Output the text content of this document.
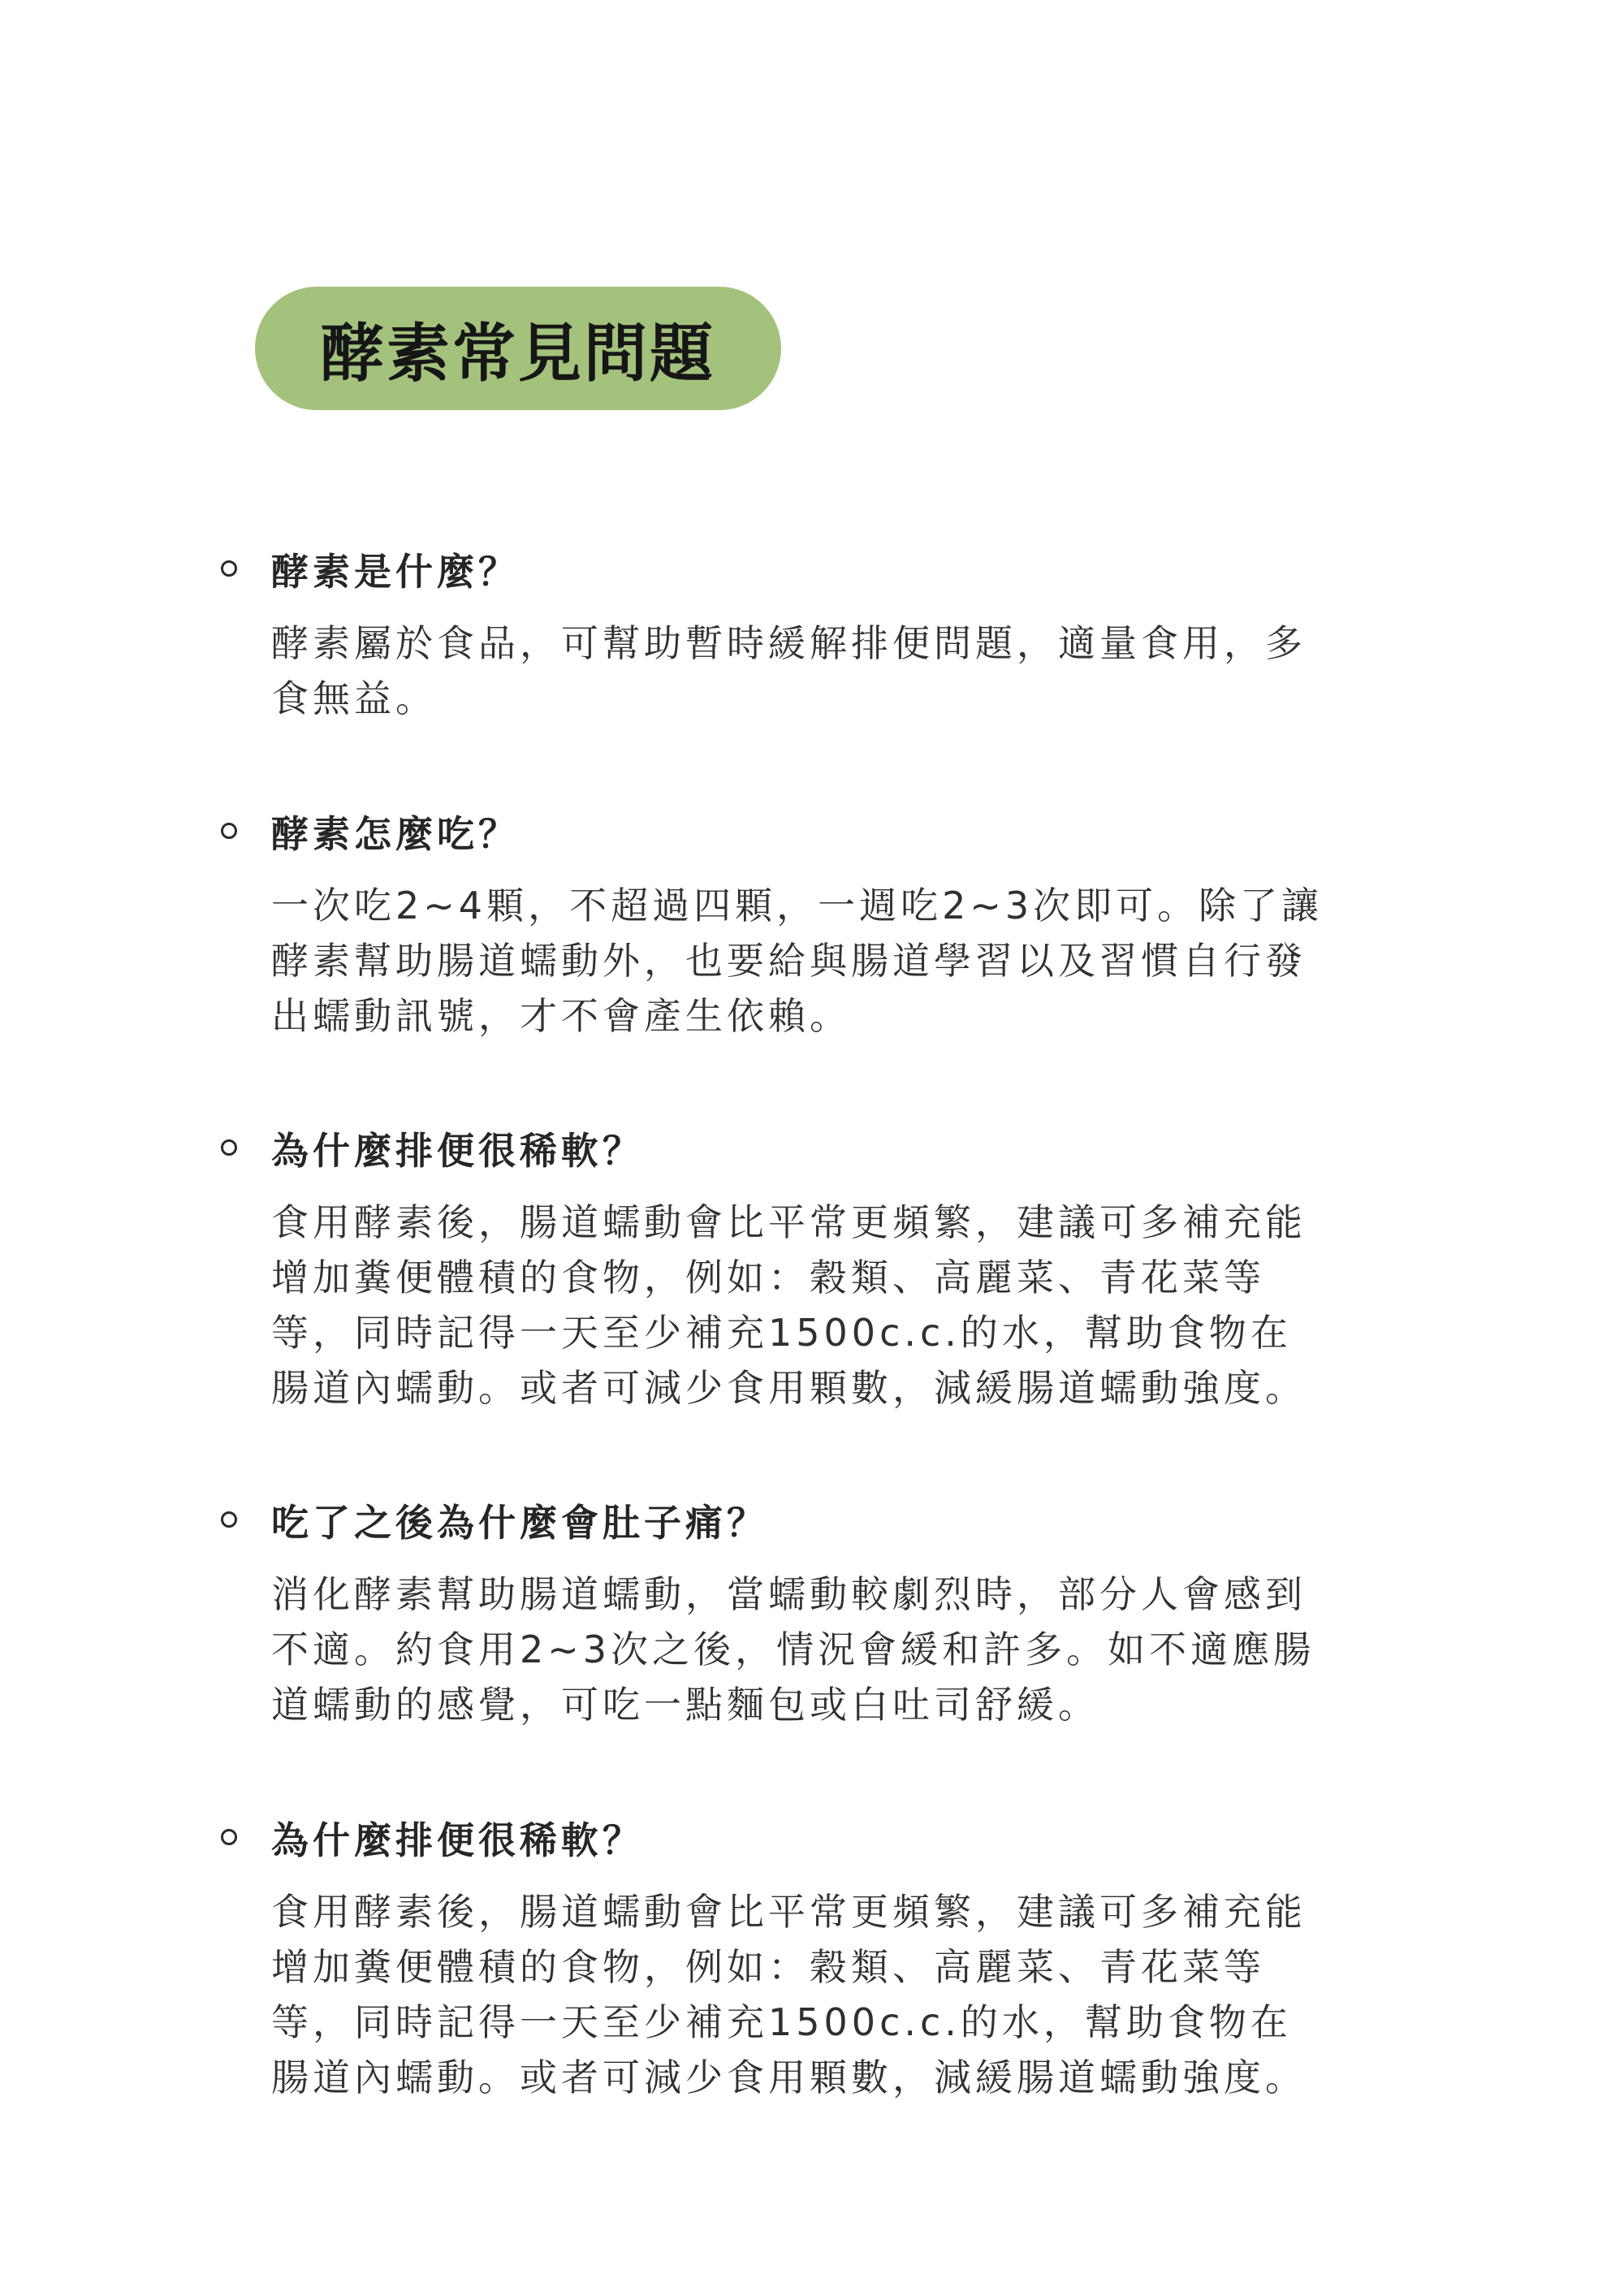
酵素常見問題
酵素是什麼？
酵素屬於食品，可幫助暫時緩解排便問題，適量食用，多
食無益。
酵素怎麼吃？
一次吃2~4顆，不超過四顆，一週吃2~3次即可。除了讓
酵素幫助腸道蠕動外，也要給與腸道學習以及習慣自行發
出蠕動訊號，才不會產生依賴。
為什麼排便很稀軟？
食用酵素後，腸道蠕動會比平常更頻繁，建議可多補充能
增加糞便體積的食物，例如：穀類、高麗菜、青花菜等
等，同時記得一天至少補充1500c.c.的水，幫助食物在
腸道內蠕動。或者可減少食用顆數，減緩腸道蠕動強度。
吃了之後為什麼會肚子痛？
消化酵素幫助腸道蠕動，當蠕動較劇烈時，部分人會感到
不適。約食用2~3次之後，情況會緩和許多。如不適應腸
道蠕動的感覺，可吃一點麵包或白吐司舒緩。
為什麼排便很稀軟？
食用酵素後，腸道蠕動會比平常更頻繁，建議可多補充能
增加糞便體積的食物，例如：穀類、高麗菜、青花菜等
等，同時記得一天至少補充1500c.c.的水，幫助食物在
腸道內蠕動。或者可減少食用顆數，減緩腸道蠕動強度。
